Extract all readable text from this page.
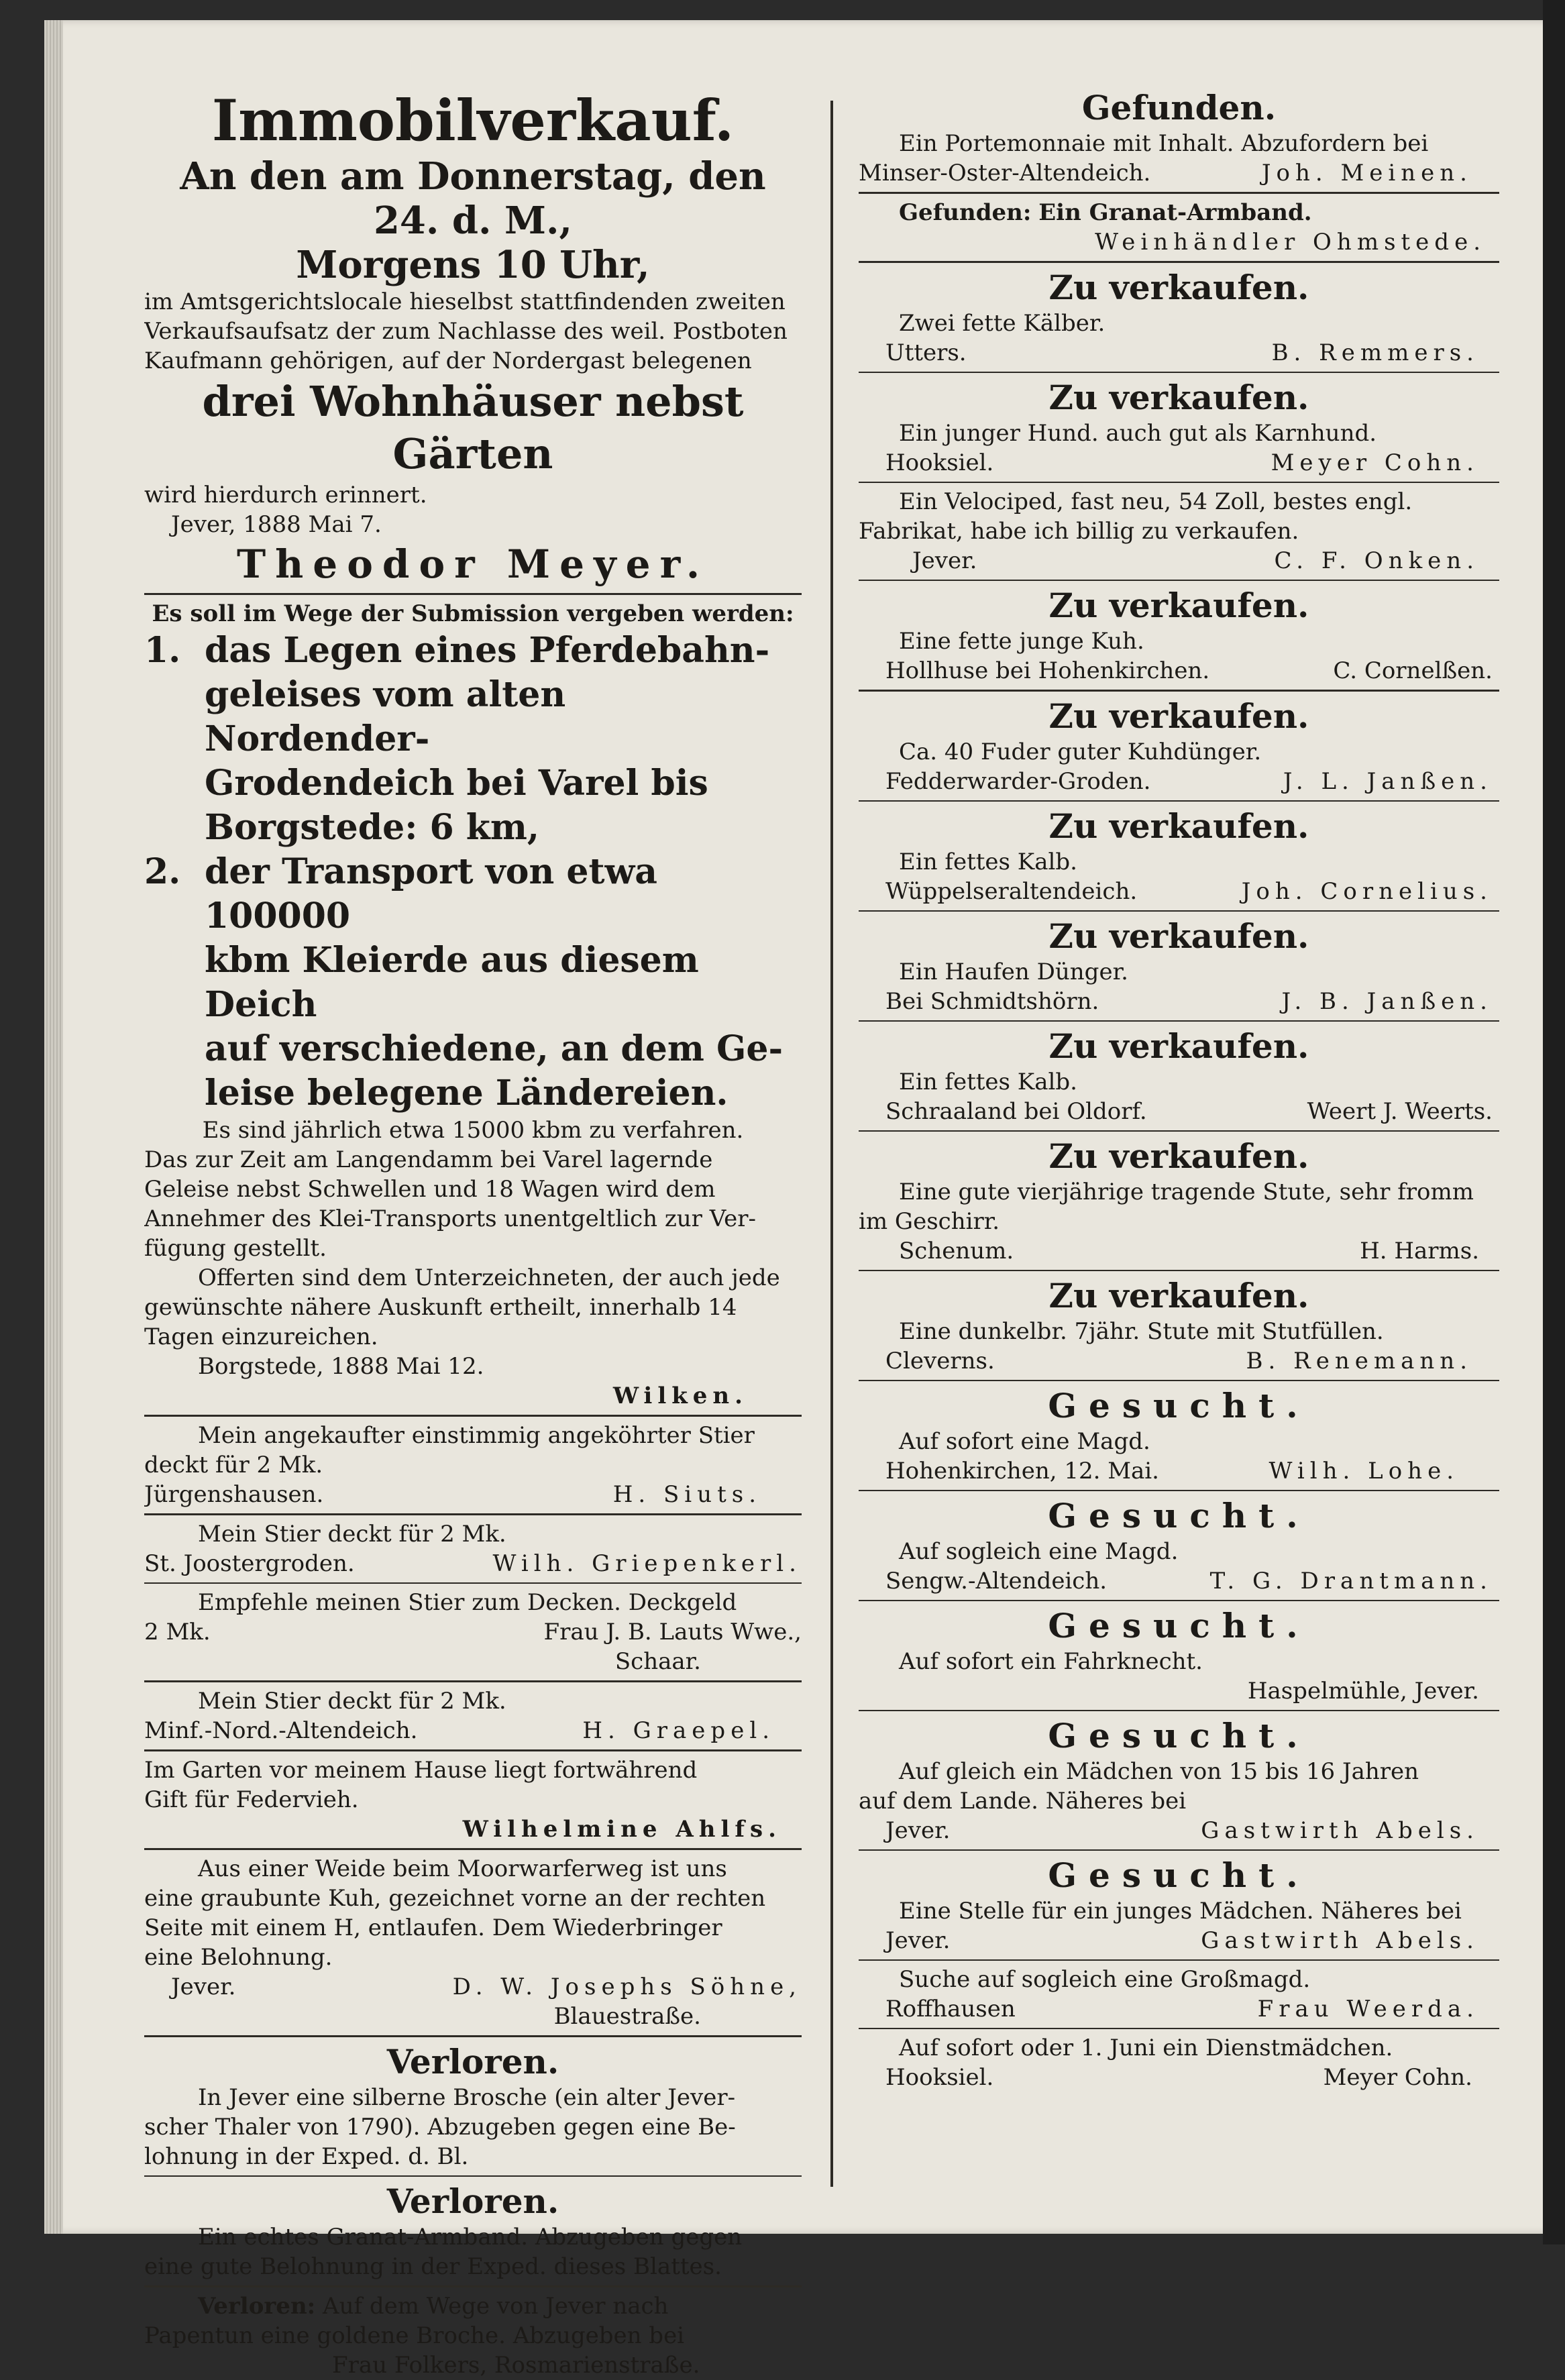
Immobilverkauf.
An den am Donnerstag, den 24. d. M.,
Morgens 10 Uhr,
im Amtsgerichtslocale hieselbst stattfindenden zweiten
Verkaufsaufsatz der zum Nachlasse des weil. Postboten
Kaufmann gehörigen, auf der Nordergast belegenen
drei Wohnhäuser nebst Gärten
wird hierdurch erinnert.
Jever, 1888 Mai 7.
Theodor Meyer.
Es soll im Wege der Submission vergeben werden:
1. das Legen eines Pferdebahn-
geleises vom alten Nordender-
Grodendeich bei Varel bis
Borgstede: 6 km,
2. der Transport von etwa 100000
kbm Kleierde aus diesem Deich
auf verschiedene, an dem Ge-
leise belegene Ländereien.
Es sind jährlich etwa 15000 kbm zu verfahren.
Das zur Zeit am Langendamm bei Varel lagernde
Geleise nebst Schwellen und 18 Wagen wird dem
Annehmer des Klei-Transports unentgeltlich zur Ver-
fügung gestellt.
Offerten sind dem Unterzeichneten, der auch jede
gewünschte nähere Auskunft ertheilt, innerhalb 14
Tagen einzureichen.
Borgstede, 1888 Mai 12.
Wilken.
Mein angekaufter einstimmig angeköhrter Stier
deckt für 2 Mk.
Jürgenshausen.	H. Siuts.
Mein Stier deckt für 2 Mk.
St. Joostergroden.	Wilh. Griepenkerl.
Empfehle meinen Stier zum Decken. Deckgeld
2 Mk.	Frau J. B. Lauts Wwe.,
Schaar.
Mein Stier deckt für 2 Mk.
Minf.-Nord.-Altendeich.	H. Graepel.
Im Garten vor meinem Hause liegt fortwährend
Gift für Federvieh.
Wilhelmine Ahlfs.
Aus einer Weide beim Moorwarferweg ist uns
eine graubunte Kuh, gezeichnet vorne an der rechten
Seite mit einem H, entlaufen. Dem Wiederbringer
eine Belohnung.
Jever.	D. W. Josephs Söhne,
Blauestraße.
Verloren.
In Jever eine silberne Brosche (ein alter Jever-
scher Thaler von 1790). Abzugeben gegen eine Be-
lohnung in der Exped. d. Bl.
Verloren.
Ein echtes Granat-Armband. Abzugeben gegen
eine gute Belohnung in der Exped. dieses Blattes.
Verloren: Auf dem Wege von Jever nach
Papentun eine goldene Broche. Abzugeben bei
Frau Folkers, Rosmarienstraße.
Gefunden.
Ein Portemonnaie mit Inhalt. Abzufordern bei
Minser-Oster-Altendeich.	Joh. Meinen.
Gefunden: Ein Granat-Armband.
Weinhändler Ohmstede.
Zu verkaufen.
Zwei fette Kälber.
Utters.	B. Remmers.
Zu verkaufen.
Ein junger Hund. auch gut als Karnhund.
Hooksiel.	Meyer Cohn.
Ein Velociped, fast neu, 54 Zoll, bestes engl.
Fabrikat, habe ich billig zu verkaufen.
Jever.	C. F. Onken.
Zu verkaufen.
Eine fette junge Kuh.
Hollhuse bei Hohenkirchen.	C. Cornelßen.
Zu verkaufen.
Ca. 40 Fuder guter Kuhdünger.
Fedderwarder-Groden.	J. L. Janßen.
Zu verkaufen.
Ein fettes Kalb.
Wüppelseraltendeich.	Joh. Cornelius.
Zu verkaufen.
Ein Haufen Dünger.
Bei Schmidtshörn.	J. B. Janßen.
Zu verkaufen.
Ein fettes Kalb.
Schraaland bei Oldorf.	Weert J. Weerts.
Zu verkaufen.
Eine gute vierjährige tragende Stute, sehr fromm
im Geschirr.
Schenum.	H. Harms.
Zu verkaufen.
Eine dunkelbr. 7jähr. Stute mit Stutfüllen.
Cleverns.	B. Renemann.
Gesucht.
Auf sofort eine Magd.
Hohenkirchen, 12. Mai.	Wilh. Lohe.
Gesucht.
Auf sogleich eine Magd.
Sengw.-Altendeich.	T. G. Drantmann.
Gesucht.
Auf sofort ein Fahrknecht.
Haspelmühle, Jever.
Gesucht.
Auf gleich ein Mädchen von 15 bis 16 Jahren
auf dem Lande. Näheres bei
Jever.	Gastwirth Abels.
Gesucht.
Eine Stelle für ein junges Mädchen. Näheres bei
Jever.	Gastwirth Abels.
Suche auf sogleich eine Großmagd.
Roffhausen	Frau Weerda.
Auf sofort oder 1. Juni ein Dienstmädchen.
Hooksiel.	Meyer Cohn.
